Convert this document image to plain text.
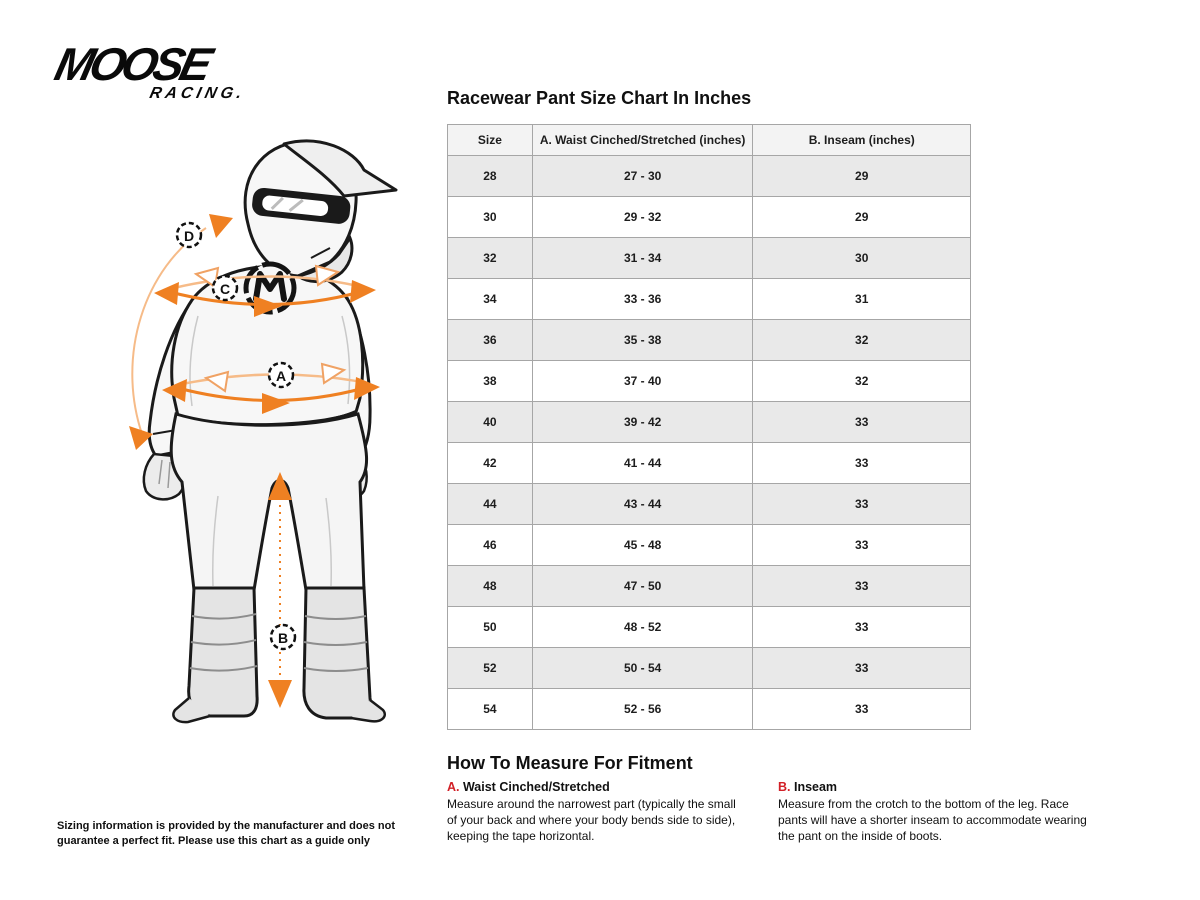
MOOSE
RACING.
D
C
A
B
Racewear Pant Size Chart In Inches
Size	A. Waist Cinched/Stretched (inches)	B. Inseam (inches)
28	27 - 30	29
30	29 - 32	29
32	31 - 34	30
34	33 - 36	31
36	35 - 38	32
38	37 - 40	32
40	39 - 42	33
42	41 - 44	33
44	43 - 44	33
46	45 - 48	33
48	47 - 50	33
50	48 - 52	33
52	50 - 54	33
54	52 - 56	33
How To Measure For Fitment
A. Waist Cinched/Stretched
Measure around the narrowest part (typically the small of your back and where your body bends side to side), keeping the tape horizontal.
B. Inseam
Measure from the crotch to the bottom of the leg. Race pants will have a shorter inseam to accommodate wearing the pant on the inside of boots.
Sizing information is provided by the manufacturer and does not guarantee a perfect fit. Please use this chart as a guide only
